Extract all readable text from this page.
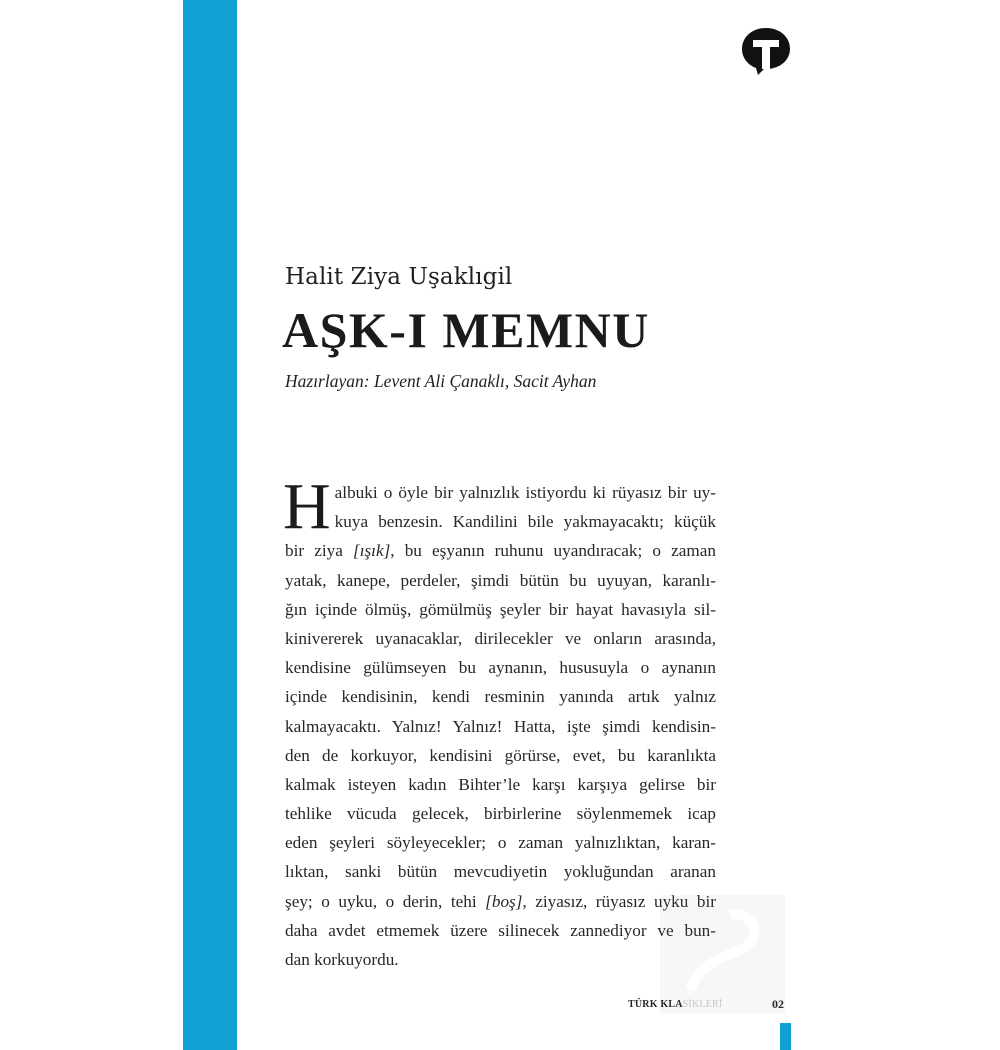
Halit Ziya Uşaklıgil
AŞK-I MEMNU
Hazırlayan: Levent Ali Çanaklı, Sacit Ayhan
H albuki o öyle bir yalnızlık istiyordu ki rüyasız bir uy-
kuya benzesin. Kandilini bile yakmayacaktı; küçük
bir ziya [ışık], bu eşyanın ruhunu uyandıracak; o zaman
yatak, kanepe, perdeler, şimdi bütün bu uyuyan, karanlı-
ğın içinde ölmüş, gömülmüş şeyler bir hayat havasıyla sil-
kinivererek uyanacaklar, dirilecekler ve onların arasında,
kendisine gülümseyen bu aynanın, hususuyla o aynanın
içinde kendisinin, kendi resminin yanında artık yalnız
kalmayacaktı. Yalnız! Yalnız! Hatta, işte şimdi kendisin-
den de korkuyor, kendisini görürse, evet, bu karanlıkta
kalmak isteyen kadın Bihter’le karşı karşıya gelirse bir
tehlike vücuda gelecek, birbirlerine söylenmemek icap
eden şeyleri söyleyecekler; o zaman yalnızlıktan, karan-
lıktan, sanki bütün mevcudiyetin yokluğundan aranan
şey; o uyku, o derin, tehi [boş], ziyasız, rüyasız uyku bir
daha avdet etmemek üzere silinecek zannediyor ve bun-
dan korkuyordu.
TÜRK KLASİKLERİ	02
